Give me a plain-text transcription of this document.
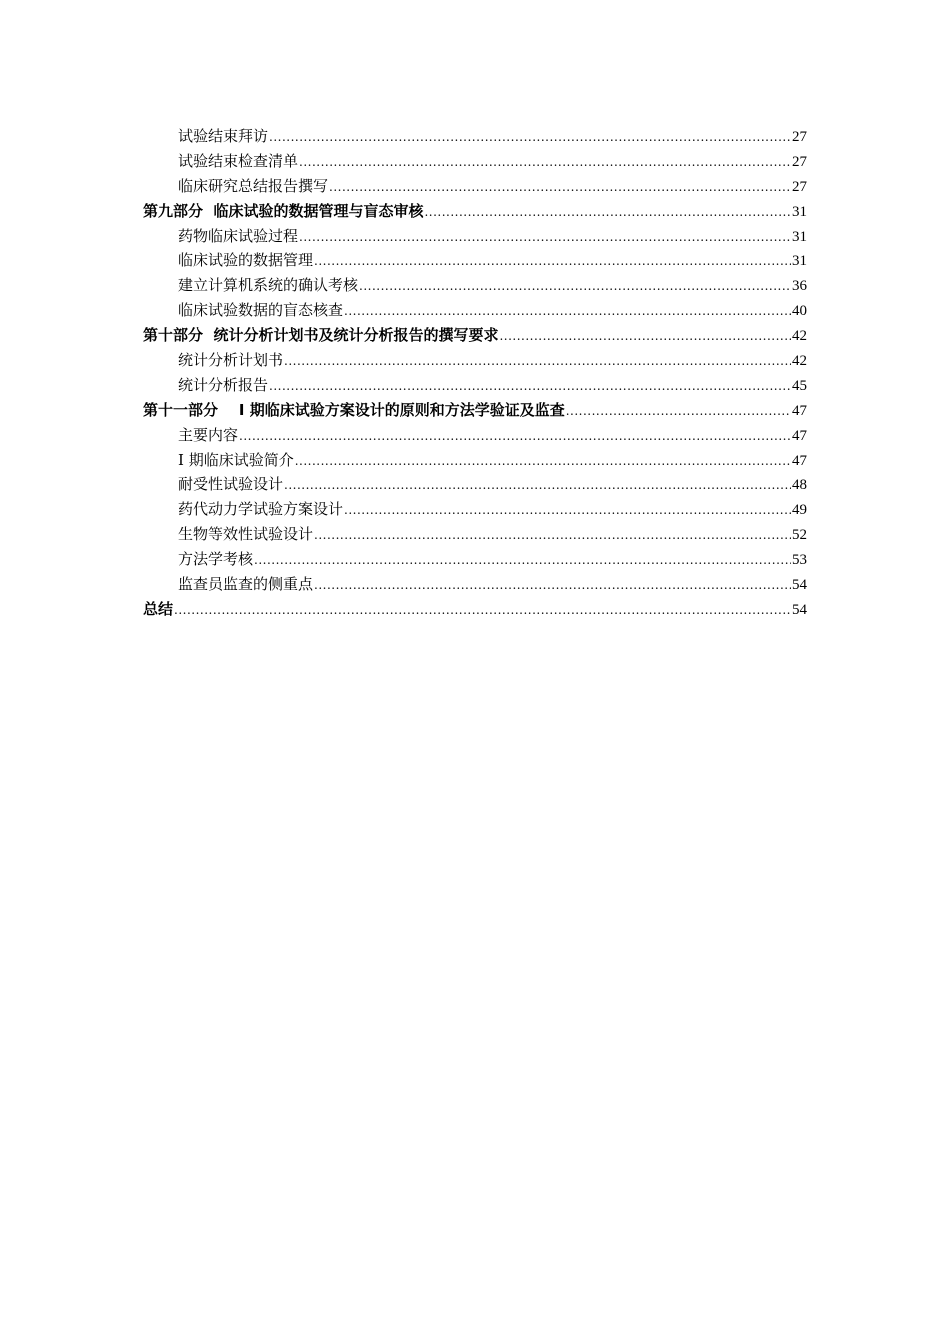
试验结束拜访 .....	27
试验结束检查清单 .....	27
临床研究总结报告撰写 .....	27
第九部分  临床试验的数据管理与盲态审核 .....	31
药物临床试验过程 .....	31
临床试验的数据管理 .....	31
建立计算机系统的确认考核 .....	36
临床试验数据的盲态核查 .....	40
第十部分  统计分析计划书及统计分析报告的撰写要求 .....	42
统计分析计划书 .....	42
统计分析报告 .....	45
第十一部分    I 期临床试验方案设计的原则和方法学验证及监查 .....	47
主要内容 .....	47
I 期临床试验简介 .....	47
耐受性试验设计 .....	48
药代动力学试验方案设计 .....	49
生物等效性试验设计 .....	52
方法学考核 .....	53
监查员监查的侧重点 .....	54
总结 .....	54
